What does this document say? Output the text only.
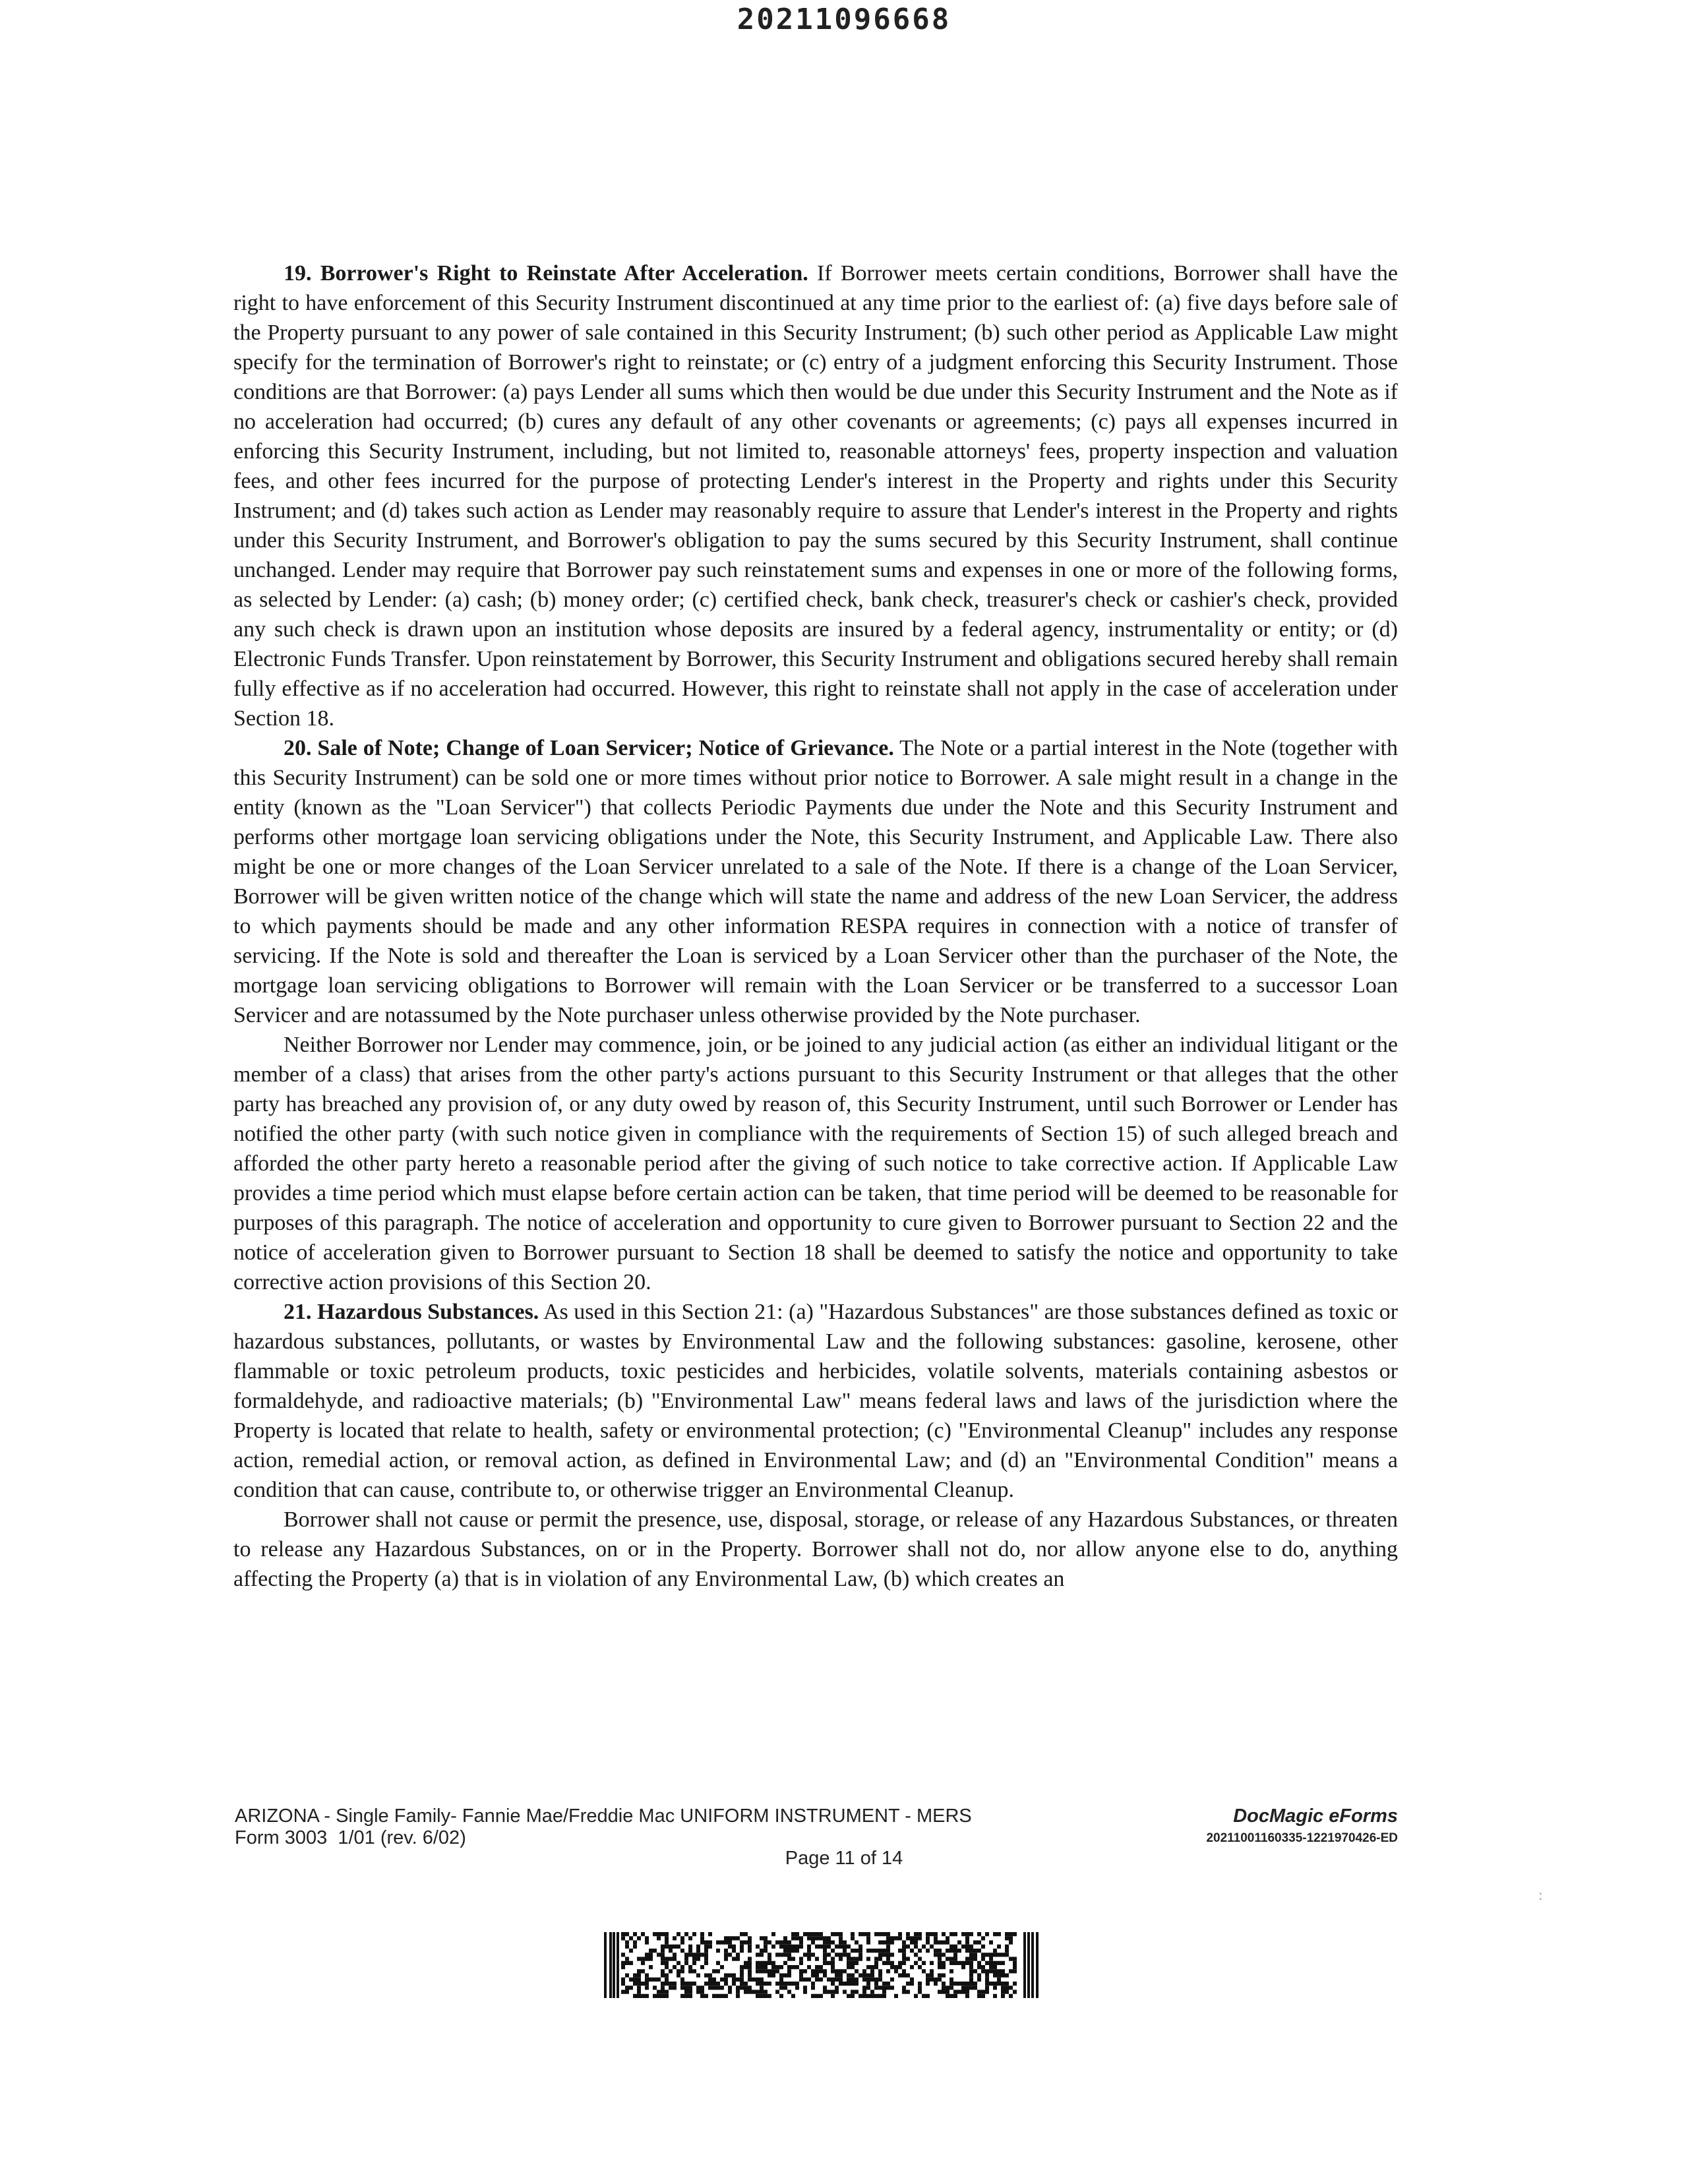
20211096668

19. Borrower's Right to Reinstate After Acceleration. If Borrower meets certain conditions, Borrower shall have the right to have enforcement of this Security Instrument discontinued at any time prior to the earliest of: (a) five days before sale of the Property pursuant to any power of sale contained in this Security Instrument; (b) such other period as Applicable Law might specify for the termination of Borrower's right to reinstate; or (c) entry of a judgment enforcing this Security Instrument. Those conditions are that Borrower: (a) pays Lender all sums which then would be due under this Security Instrument and the Note as if no acceleration had occurred; (b) cures any default of any other covenants or agreements; (c) pays all expenses incurred in enforcing this Security Instrument, including, but not limited to, reasonable attorneys' fees, property inspection and valuation fees, and other fees incurred for the purpose of protecting Lender's interest in the Property and rights under this Security Instrument; and (d) takes such action as Lender may reasonably require to assure that Lender's interest in the Property and rights under this Security Instrument, and Borrower's obligation to pay the sums secured by this Security Instrument, shall continue unchanged. Lender may require that Borrower pay such reinstatement sums and expenses in one or more of the following forms, as selected by Lender: (a) cash; (b) money order; (c) certified check, bank check, treasurer's check or cashier's check, provided any such check is drawn upon an institution whose deposits are insured by a federal agency, instrumentality or entity; or (d) Electronic Funds Transfer. Upon reinstatement by Borrower, this Security Instrument and obligations secured hereby shall remain fully effective as if no acceleration had occurred. However, this right to reinstate shall not apply in the case of acceleration under Section 18.

20. Sale of Note; Change of Loan Servicer; Notice of Grievance. The Note or a partial interest in the Note (together with this Security Instrument) can be sold one or more times without prior notice to Borrower. A sale might result in a change in the entity (known as the "Loan Servicer") that collects Periodic Payments due under the Note and this Security Instrument and performs other mortgage loan servicing obligations under the Note, this Security Instrument, and Applicable Law. There also might be one or more changes of the Loan Servicer unrelated to a sale of the Note. If there is a change of the Loan Servicer, Borrower will be given written notice of the change which will state the name and address of the new Loan Servicer, the address to which payments should be made and any other information RESPA requires in connection with a notice of transfer of servicing. If the Note is sold and thereafter the Loan is serviced by a Loan Servicer other than the purchaser of the Note, the mortgage loan servicing obligations to Borrower will remain with the Loan Servicer or be transferred to a successor Loan Servicer and are notassumed by the Note purchaser unless otherwise provided by the Note purchaser.

Neither Borrower nor Lender may commence, join, or be joined to any judicial action (as either an individual litigant or the member of a class) that arises from the other party's actions pursuant to this Security Instrument or that alleges that the other party has breached any provision of, or any duty owed by reason of, this Security Instrument, until such Borrower or Lender has notified the other party (with such notice given in compliance with the requirements of Section 15) of such alleged breach and afforded the other party hereto a reasonable period after the giving of such notice to take corrective action. If Applicable Law provides a time period which must elapse before certain action can be taken, that time period will be deemed to be reasonable for purposes of this paragraph. The notice of acceleration and opportunity to cure given to Borrower pursuant to Section 22 and the notice of acceleration given to Borrower pursuant to Section 18 shall be deemed to satisfy the notice and opportunity to take corrective action provisions of this Section 20.

21. Hazardous Substances. As used in this Section 21: (a) "Hazardous Substances" are those substances defined as toxic or hazardous substances, pollutants, or wastes by Environmental Law and the following substances: gasoline, kerosene, other flammable or toxic petroleum products, toxic pesticides and herbicides, volatile solvents, materials containing asbestos or formaldehyde, and radioactive materials; (b) "Environmental Law" means federal laws and laws of the jurisdiction where the Property is located that relate to health, safety or environmental protection; (c) "Environmental Cleanup" includes any response action, remedial action, or removal action, as defined in Environmental Law; and (d) an "Environmental Condition" means a condition that can cause, contribute to, or otherwise trigger an Environmental Cleanup.

Borrower shall not cause or permit the presence, use, disposal, storage, or release of any Hazardous Substances, or threaten to release any Hazardous Substances, on or in the Property. Borrower shall not do, nor allow anyone else to do, anything affecting the Property (a) that is in violation of any Environmental Law, (b) which creates an

ARIZONA - Single Family- Fannie Mae/Freddie Mac UNIFORM INSTRUMENT - MERS
Form 3003  1/01 (rev. 6/02)
Page 11 of 14
DocMagic eForms
20211001160335-1221970426-ED
:
